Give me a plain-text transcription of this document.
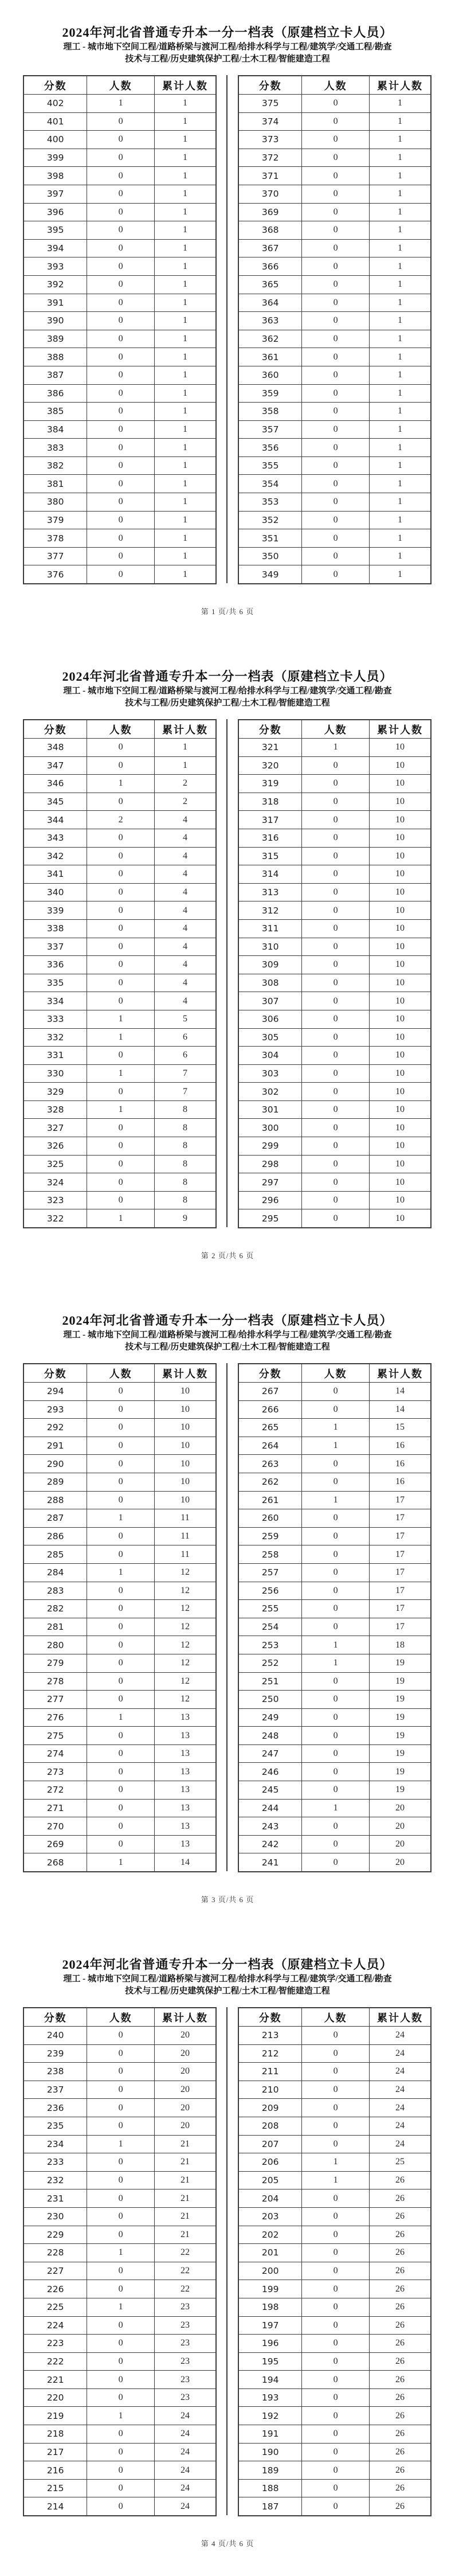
2024年河北省普通专升本一分一档表（原建档立卡人员）
理工 - 城市地下空间工程/道路桥梁与渡河工程/给排水科学与工程/建筑学/交通工程/勘查
技术与工程/历史建筑保护工程/土木工程/智能建造工程
分数	人数	累计人数
402	1	1
401	0	1
400	0	1
399	0	1
398	0	1
397	0	1
396	0	1
395	0	1
394	0	1
393	0	1
392	0	1
391	0	1
390	0	1
389	0	1
388	0	1
387	0	1
386	0	1
385	0	1
384	0	1
383	0	1
382	0	1
381	0	1
380	0	1
379	0	1
378	0	1
377	0	1
376	0	1
分数	人数	累计人数
375	0	1
374	0	1
373	0	1
372	0	1
371	0	1
370	0	1
369	0	1
368	0	1
367	0	1
366	0	1
365	0	1
364	0	1
363	0	1
362	0	1
361	0	1
360	0	1
359	0	1
358	0	1
357	0	1
356	0	1
355	0	1
354	0	1
353	0	1
352	0	1
351	0	1
350	0	1
349	0	1
第 1 页/共 6 页
2024年河北省普通专升本一分一档表（原建档立卡人员）
理工 - 城市地下空间工程/道路桥梁与渡河工程/给排水科学与工程/建筑学/交通工程/勘查
技术与工程/历史建筑保护工程/土木工程/智能建造工程
分数	人数	累计人数
348	0	1
347	0	1
346	1	2
345	0	2
344	2	4
343	0	4
342	0	4
341	0	4
340	0	4
339	0	4
338	0	4
337	0	4
336	0	4
335	0	4
334	0	4
333	1	5
332	1	6
331	0	6
330	1	7
329	0	7
328	1	8
327	0	8
326	0	8
325	0	8
324	0	8
323	0	8
322	1	9
分数	人数	累计人数
321	1	10
320	0	10
319	0	10
318	0	10
317	0	10
316	0	10
315	0	10
314	0	10
313	0	10
312	0	10
311	0	10
310	0	10
309	0	10
308	0	10
307	0	10
306	0	10
305	0	10
304	0	10
303	0	10
302	0	10
301	0	10
300	0	10
299	0	10
298	0	10
297	0	10
296	0	10
295	0	10
第 2 页/共 6 页
2024年河北省普通专升本一分一档表（原建档立卡人员）
理工 - 城市地下空间工程/道路桥梁与渡河工程/给排水科学与工程/建筑学/交通工程/勘查
技术与工程/历史建筑保护工程/土木工程/智能建造工程
分数	人数	累计人数
294	0	10
293	0	10
292	0	10
291	0	10
290	0	10
289	0	10
288	0	10
287	1	11
286	0	11
285	0	11
284	1	12
283	0	12
282	0	12
281	0	12
280	0	12
279	0	12
278	0	12
277	0	12
276	1	13
275	0	13
274	0	13
273	0	13
272	0	13
271	0	13
270	0	13
269	0	13
268	1	14
分数	人数	累计人数
267	0	14
266	0	14
265	1	15
264	1	16
263	0	16
262	0	16
261	1	17
260	0	17
259	0	17
258	0	17
257	0	17
256	0	17
255	0	17
254	0	17
253	1	18
252	1	19
251	0	19
250	0	19
249	0	19
248	0	19
247	0	19
246	0	19
245	0	19
244	1	20
243	0	20
242	0	20
241	0	20
第 3 页/共 6 页
2024年河北省普通专升本一分一档表（原建档立卡人员）
理工 - 城市地下空间工程/道路桥梁与渡河工程/给排水科学与工程/建筑学/交通工程/勘查
技术与工程/历史建筑保护工程/土木工程/智能建造工程
分数	人数	累计人数
240	0	20
239	0	20
238	0	20
237	0	20
236	0	20
235	0	20
234	1	21
233	0	21
232	0	21
231	0	21
230	0	21
229	0	21
228	1	22
227	0	22
226	0	22
225	1	23
224	0	23
223	0	23
222	0	23
221	0	23
220	0	23
219	1	24
218	0	24
217	0	24
216	0	24
215	0	24
214	0	24
分数	人数	累计人数
213	0	24
212	0	24
211	0	24
210	0	24
209	0	24
208	0	24
207	0	24
206	1	25
205	1	26
204	0	26
203	0	26
202	0	26
201	0	26
200	0	26
199	0	26
198	0	26
197	0	26
196	0	26
195	0	26
194	0	26
193	0	26
192	0	26
191	0	26
190	0	26
189	0	26
188	0	26
187	0	26
第 4 页/共 6 页
